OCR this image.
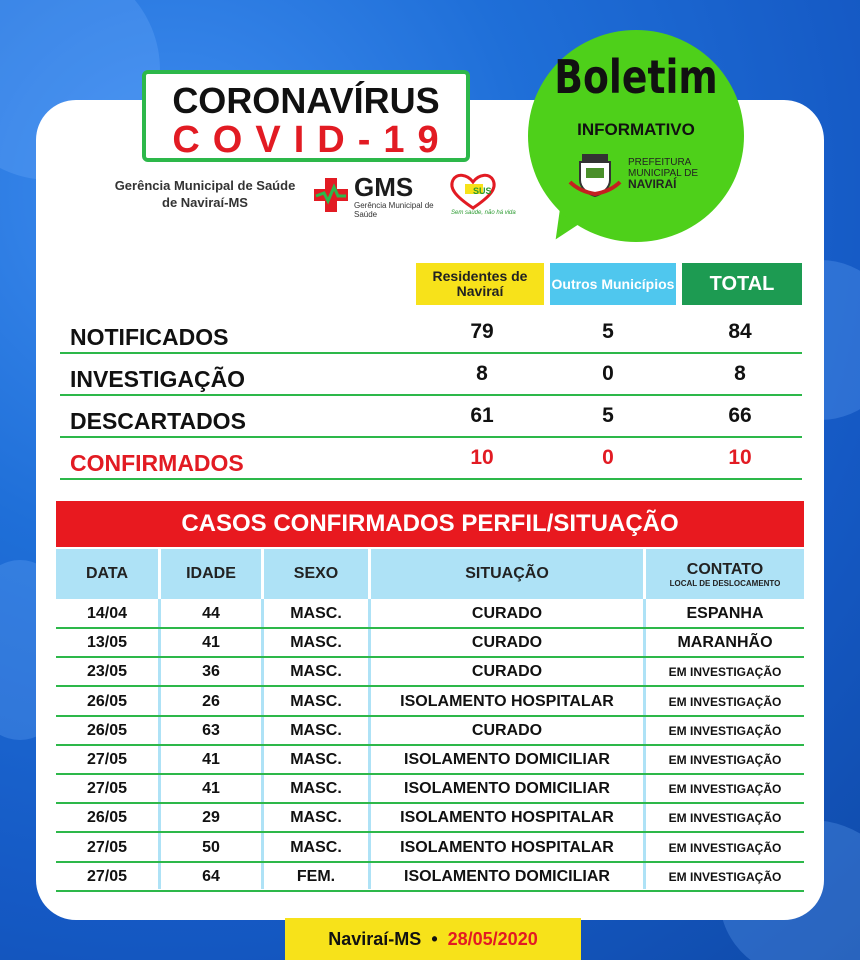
CORONAVÍRUS
COVID-19
Gerência Municipal de Saúde de Naviraí-MS
GMS
Gerência Municipal de Saúde
SUS
Sem saúde, não há vida
Boletim
INFORMATIVO
PREFEITURA
MUNICIPAL DE
NAVIRAÍ
Residentes de Naviraí	Outros Municípios	TOTAL
NOTIFICADOS	79	5	84
INVESTIGAÇÃO	8	0	8
DESCARTADOS	61	5	66
CONFIRMADOS	10	0	10
CASOS CONFIRMADOS PERFIL/SITUAÇÃO
DATA	IDADE	SEXO	SITUAÇÃO	CONTATO
LOCAL DE DESLOCAMENTO
14/04	44	MASC.	CURADO	ESPANHA
13/05	41	MASC.	CURADO	MARANHÃO
23/05	36	MASC.	CURADO	EM INVESTIGAÇÃO
26/05	26	MASC.	ISOLAMENTO HOSPITALAR	EM INVESTIGAÇÃO
26/05	63	MASC.	CURADO	EM INVESTIGAÇÃO
27/05	41	MASC.	ISOLAMENTO DOMICILIAR	EM INVESTIGAÇÃO
27/05	41	MASC.	ISOLAMENTO DOMICILIAR	EM INVESTIGAÇÃO
26/05	29	MASC.	ISOLAMENTO HOSPITALAR	EM INVESTIGAÇÃO
27/05	50	MASC.	ISOLAMENTO HOSPITALAR	EM INVESTIGAÇÃO
27/05	64	FEM.	ISOLAMENTO DOMICILIAR	EM INVESTIGAÇÃO
Naviraí-MS • 28/05/2020
